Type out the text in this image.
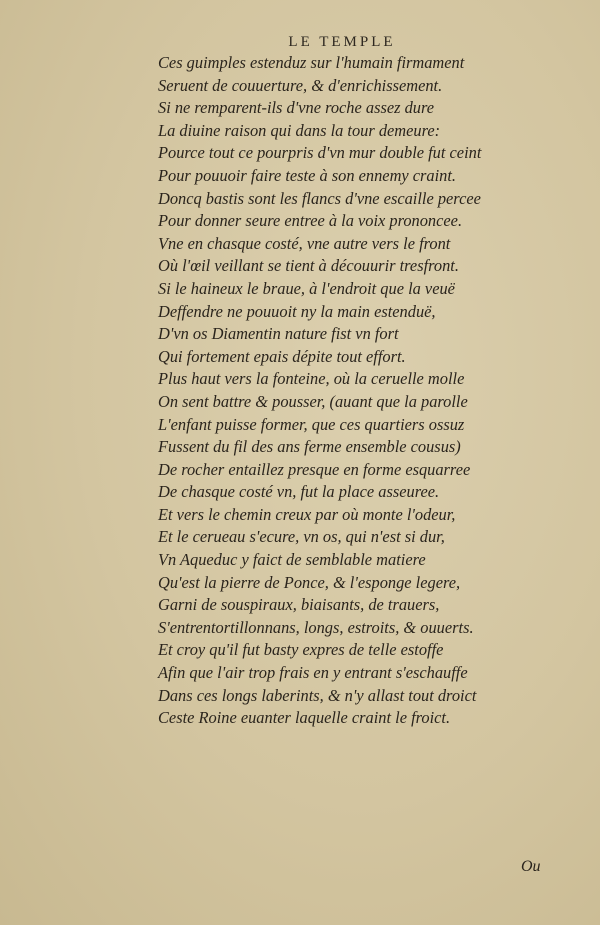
LE TEMPLE
Ces guimples estenduz sur l'humain firmament
Seruent de couuerture, & d'enrichissement.
Si ne remparent-ils d'vne roche assez dure
La diuine raison qui dans la tour demeure:
Pource tout ce pourpris d'vn mur double fut ceint
Pour pouuoir faire teste à son ennemy craint.
Doncq bastis sont les flancs d'vne escaille percee
Pour donner seure entree à la voix prononcee.
Vne en chasque costé, vne autre vers le front
Où l'œil veillant se tient à découurir tresfront.
Si le haineux le braue, à l'endroit que la veuë
Deffendre ne pouuoit ny la main estenduë,
D'vn os Diamentin nature fist vn fort
Qui fortement epais dépite tout effort.
Plus haut vers la fonteine, où la ceruelle molle
On sent battre & pousser, (auant que la parolle
L'enfant puisse former, que ces quartiers ossuz
Fussent du fil des ans ferme ensemble cousus)
De rocher entaillez presque en forme esquarree
De chasque costé vn, fut la place asseuree.
Et vers le chemin creux par où monte l'odeur,
Et le cerueau s'ecure, vn os, qui n'est si dur,
Vn Aqueduc y faict de semblable matiere
Qu'est la pierre de Ponce, & l'esponge legere,
Garni de souspiraux, biaisants, de trauers,
S'entrentortillonnans, longs, estroits, & ouuerts.
Et croy qu'il fut basty expres de telle estoffe
Afin que l'air trop frais en y entrant s'eschauffe
Dans ces longs laberints, & n'y allast tout droict
Ceste Roine euanter laquelle craint le froict.
Ou
